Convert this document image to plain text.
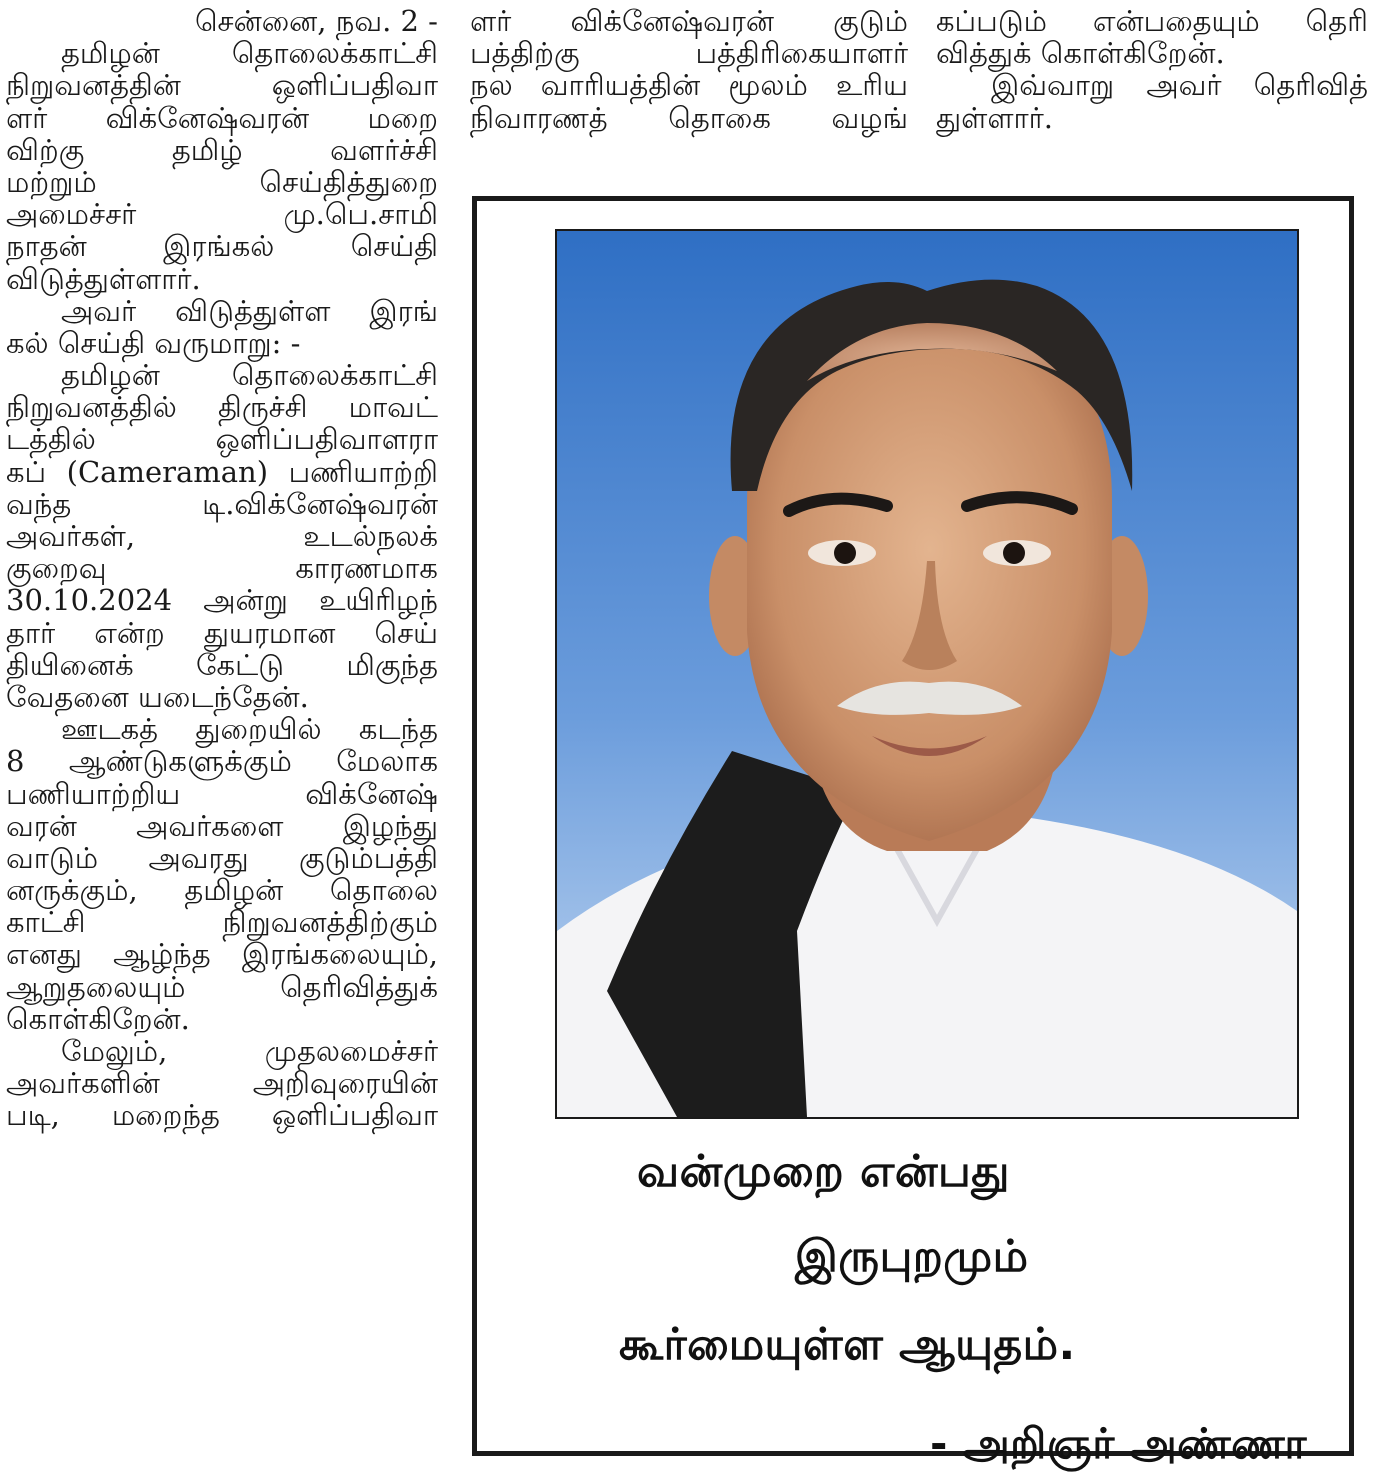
சென்னை, நவ. 2 -
தமிழன் தொலைக்காட்சி
நிறுவனத்தின் ஒளிப்பதிவா
ளர் விக்னேஷ்வரன் மறை
விற்கு தமிழ் வளர்ச்சி
மற்றும் செய்தித்துறை
அமைச்சர் மு.பெ.சாமி
நாதன் இரங்கல் செய்தி
விடுத்துள்ளார்.
அவர் விடுத்துள்ள இரங்
கல் செய்தி வருமாறு: -
தமிழன் தொலைக்காட்சி
நிறுவனத்தில் திருச்சி மாவட்
டத்தில் ஒளிப்பதிவாளரா
கப் (Cameraman) பணியாற்றி
வந்த டி.விக்னேஷ்வரன்
அவர்கள், உடல்நலக்
குறைவு காரணமாக
30.10.2024 அன்று உயிரிழந்
தார் என்ற துயரமான செய்
தியினைக் கேட்டு மிகுந்த
வேதனை யடைந்தேன்.
ஊடகத் துறையில் கடந்த
8 ஆண்டுகளுக்கும் மேலாக
பணியாற்றிய விக்னேஷ்
வரன் அவர்களை இழந்து
வாடும் அவரது குடும்பத்தி
னருக்கும், தமிழன் தொலை
காட்சி நிறுவனத்திற்கும்
எனது ஆழ்ந்த இரங்கலையும்,
ஆறுதலையும் தெரிவித்துக்
கொள்கிறேன்.
மேலும், முதலமைச்சர்
அவர்களின் அறிவுரையின்
படி, மறைந்த ஒளிப்பதிவா
ளர் விக்னேஷ்வரன் குடும்
பத்திற்கு பத்திரிகையாளர்
நல வாரியத்தின் மூலம் உரிய
நிவாரணத் தொகை வழங்
கப்படும் என்பதையும் தெரி
வித்துக் கொள்கிறேன்.
இவ்வாறு அவர் தெரிவித்
துள்ளார்.
வன்முறை என்பது
இருபுறமும்
கூர்மையுள்ள ஆயுதம்.
- அறிஞர் அண்ணா
